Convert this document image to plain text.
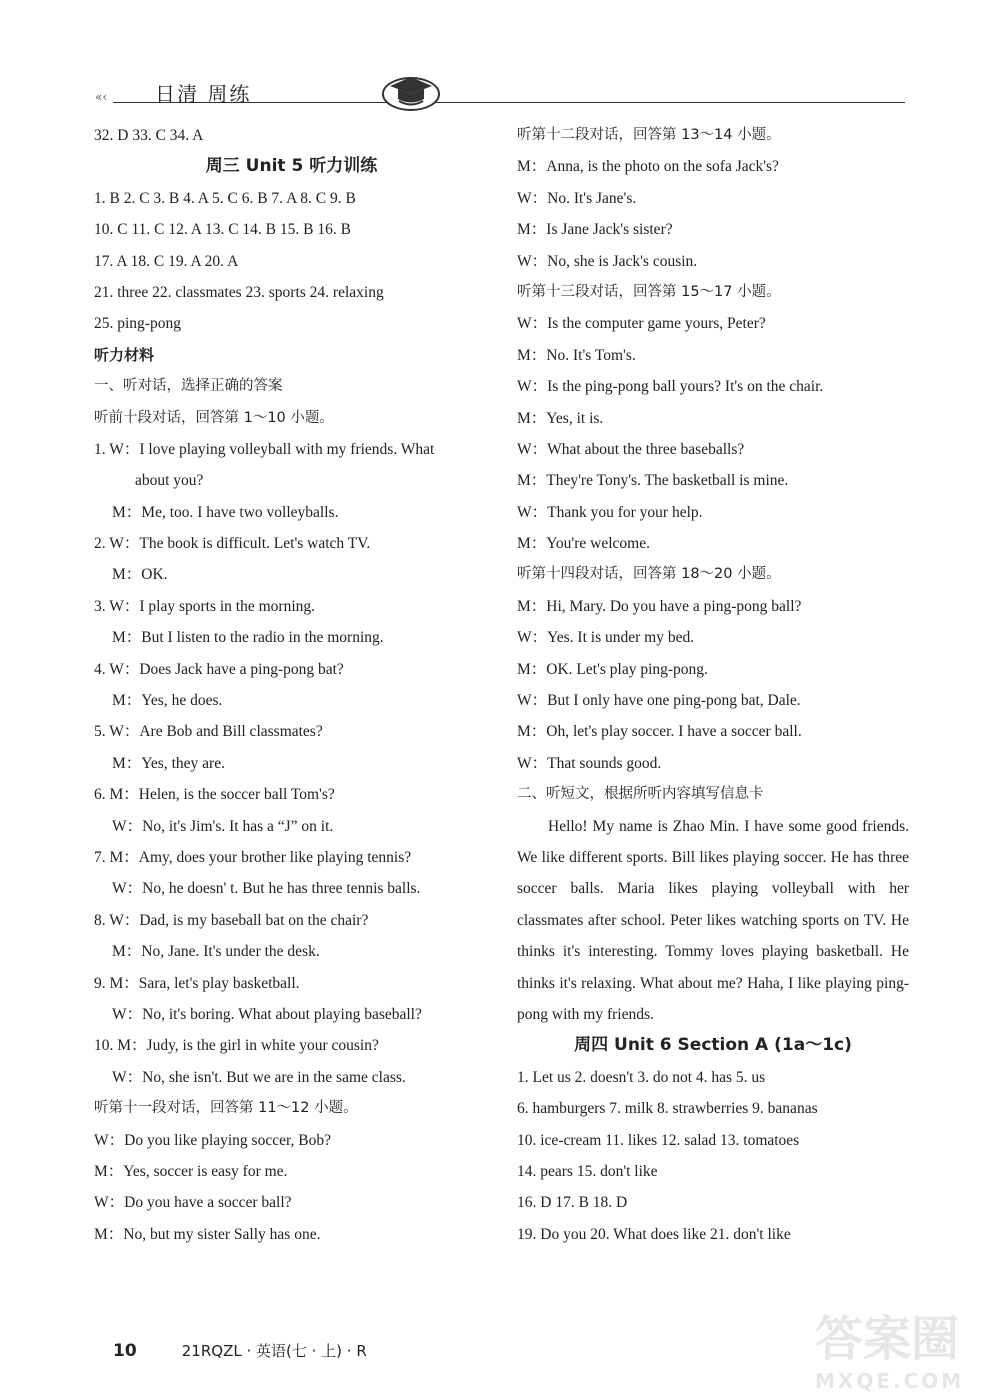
«‹ 日清 周练
32. D 33. C 34. A
周三 Unit 5 听力训练
1. B 2. C 3. B 4. A 5. C 6. B 7. A 8. C 9. B
10. C 11. C 12. A 13. C 14. B 15. B 16. B
17. A 18. C 19. A 20. A
21. three 22. classmates 23. sports 24. relaxing
25. ping-pong
听力材料
一、听对话，选择正确的答案
听前十段对话，回答第 1～10 小题。
1. W：I love playing volleyball with my friends. What
about you?
M：Me, too. I have two volleyballs.
2. W：The book is difficult. Let's watch TV.
M：OK.
3. W：I play sports in the morning.
M：But I listen to the radio in the morning.
4. W：Does Jack have a ping-pong bat?
M：Yes, he does.
5. W：Are Bob and Bill classmates?
M：Yes, they are.
6. M：Helen, is the soccer ball Tom's?
W：No, it's Jim's. It has a “J” on it.
7. M：Amy, does your brother like playing tennis?
W：No, he doesn' t. But he has three tennis balls.
8. W：Dad, is my baseball bat on the chair?
M：No, Jane. It's under the desk.
9. M：Sara, let's play basketball.
W：No, it's boring. What about playing baseball?
10. M：Judy, is the girl in white your cousin?
W：No, she isn't. But we are in the same class.
听第十一段对话，回答第 11～12 小题。
W：Do you like playing soccer, Bob?
M：Yes, soccer is easy for me.
W：Do you have a soccer ball?
M：No, but my sister Sally has one.
听第十二段对话，回答第 13～14 小题。
M：Anna, is the photo on the sofa Jack's?
W：No. It's Jane's.
M：Is Jane Jack's sister?
W：No, she is Jack's cousin.
听第十三段对话，回答第 15～17 小题。
W：Is the computer game yours, Peter?
M：No. It's Tom's.
W：Is the ping-pong ball yours? It's on the chair.
M：Yes, it is.
W：What about the three baseballs?
M：They're Tony's. The basketball is mine.
W：Thank you for your help.
M：You're welcome.
听第十四段对话，回答第 18～20 小题。
M：Hi, Mary. Do you have a ping-pong ball?
W：Yes. It is under my bed.
M：OK. Let's play ping-pong.
W：But I only have one ping-pong bat, Dale.
M：Oh, let's play soccer. I have a soccer ball.
W：That sounds good.
二、听短文，根据所听内容填写信息卡
Hello! My name is Zhao Min. I have some good friends. We like different sports. Bill likes playing soccer. He has three soccer balls. Maria likes playing volleyball with her classmates after school. Peter likes watching sports on TV. He thinks it's interesting. Tommy loves playing basketball. He thinks it's relaxing. What about me? Haha, I like playing ping-pong with my friends.
周四 Unit 6 Section A (1a～1c)
1. Let us 2. doesn't 3. do not 4. has 5. us
6. hamburgers 7. milk 8. strawberries 9. bananas
10. ice-cream 11. likes 12. salad 13. tomatoes
14. pears 15. don't like
16. D 17. B 18. D
19. Do you 20. What does like 21. don't like
10	21RQZL · 英语(七 · 上) · R	答案圈
MXQE.COM
